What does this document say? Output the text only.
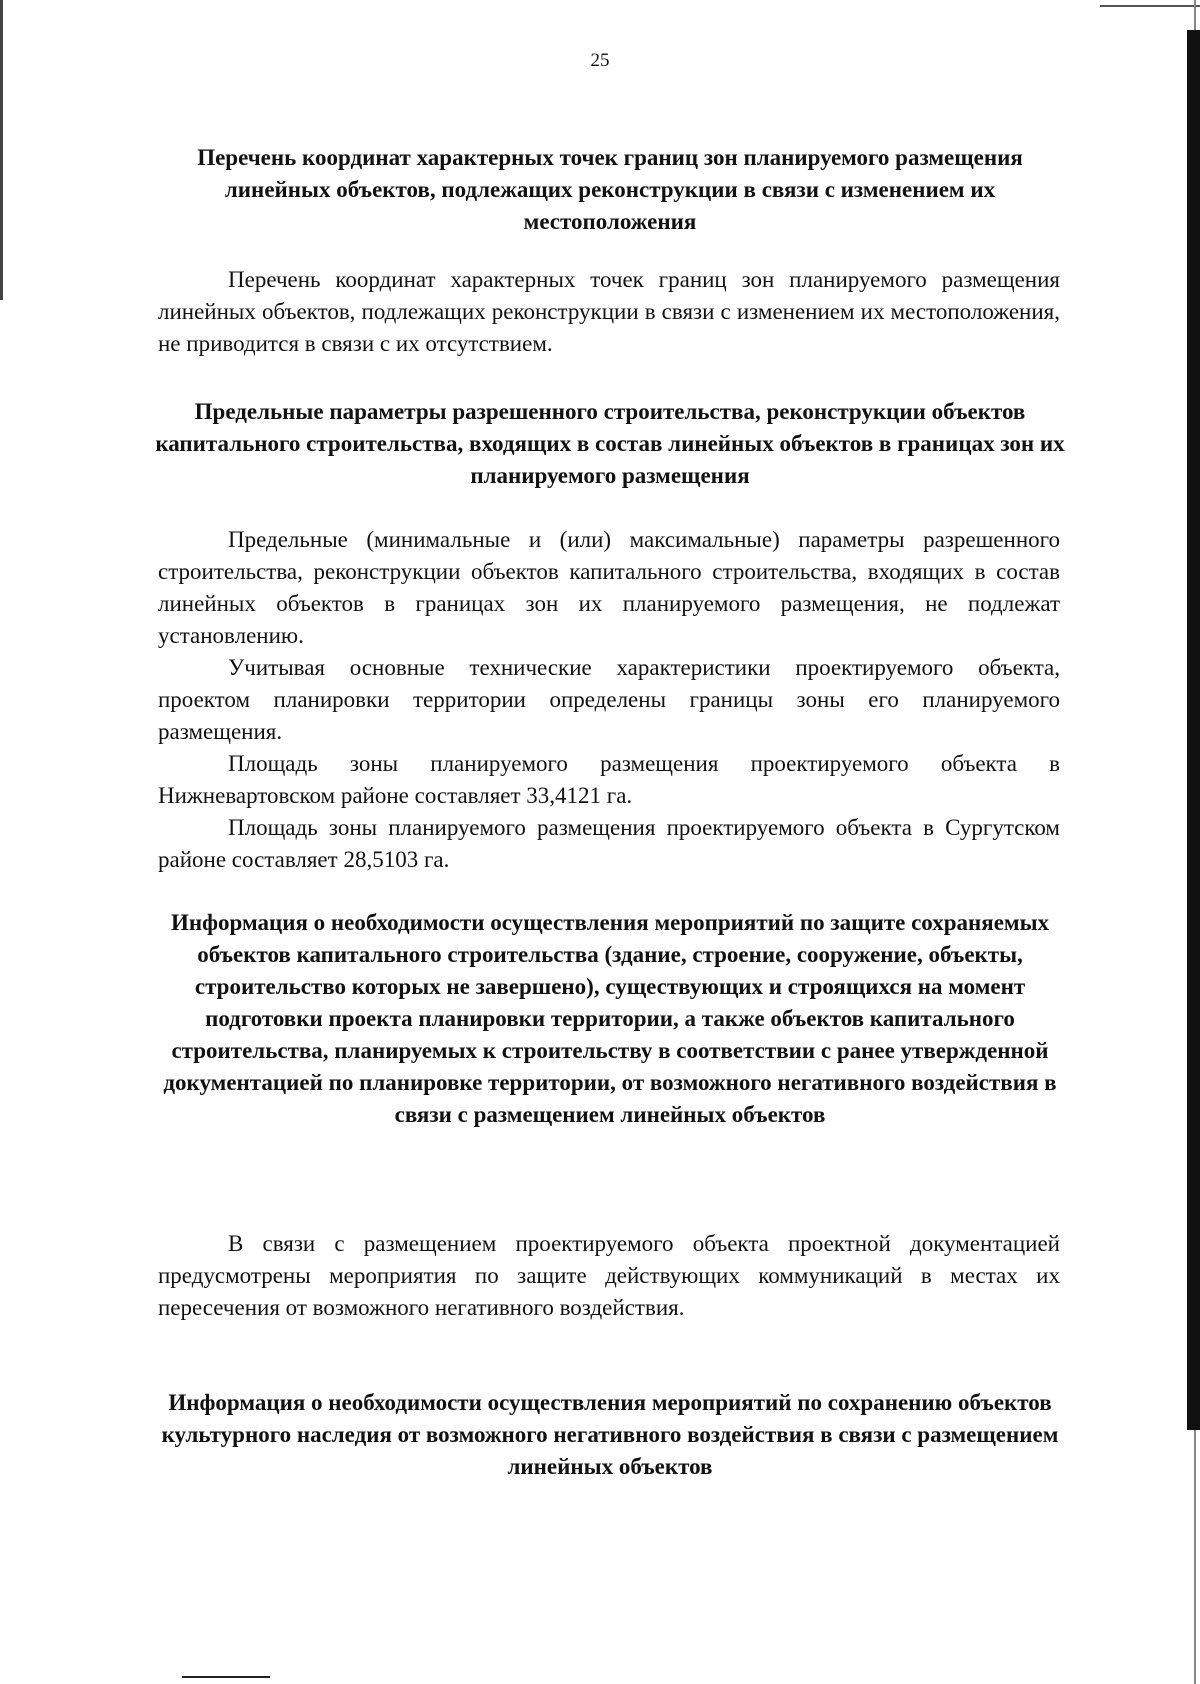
25
Перечень координат характерных точек границ зон планируемого размещения линейных объектов, подлежащих реконструкции в связи с изменением их местоположения
Перечень координат характерных точек границ зон планируемого размещения линейных объектов, подлежащих реконструкции в связи с изменением их местоположения, не приводится в связи с их отсутствием.
Предельные параметры разрешенного строительства, реконструкции объектов капитального строительства, входящих в состав линейных объектов в границах зон их планируемого размещения
Предельные (минимальные и (или) максимальные) параметры разрешенного строительства, реконструкции объектов капитального строительства, входящих в состав линейных объектов в границах зон их планируемого размещения, не подлежат установлению.
Учитывая основные технические характеристики проектируемого объекта, проектом планировки территории определены границы зоны его планируемого размещения.
Площадь зоны планируемого размещения проектируемого объекта в Нижневартовском районе составляет 33,4121 га.
Площадь зоны планируемого размещения проектируемого объекта в Сургутском районе составляет 28,5103 га.
Информация о необходимости осуществления мероприятий по защите сохраняемых объектов капитального строительства (здание, строение, сооружение, объекты, строительство которых не завершено), существующих и строящихся на момент подготовки проекта планировки территории, а также объектов капитального строительства, планируемых к строительству в соответствии с ранее утвержденной документацией по планировке территории, от возможного негативного воздействия в связи с размещением линейных объектов
В связи с размещением проектируемого объекта проектной документацией предусмотрены мероприятия по защите действующих коммуникаций в местах их пересечения от возможного негативного воздействия.
Информация о необходимости осуществления мероприятий по сохранению объектов культурного наследия от возможного негативного воздействия в связи с размещением линейных объектов
